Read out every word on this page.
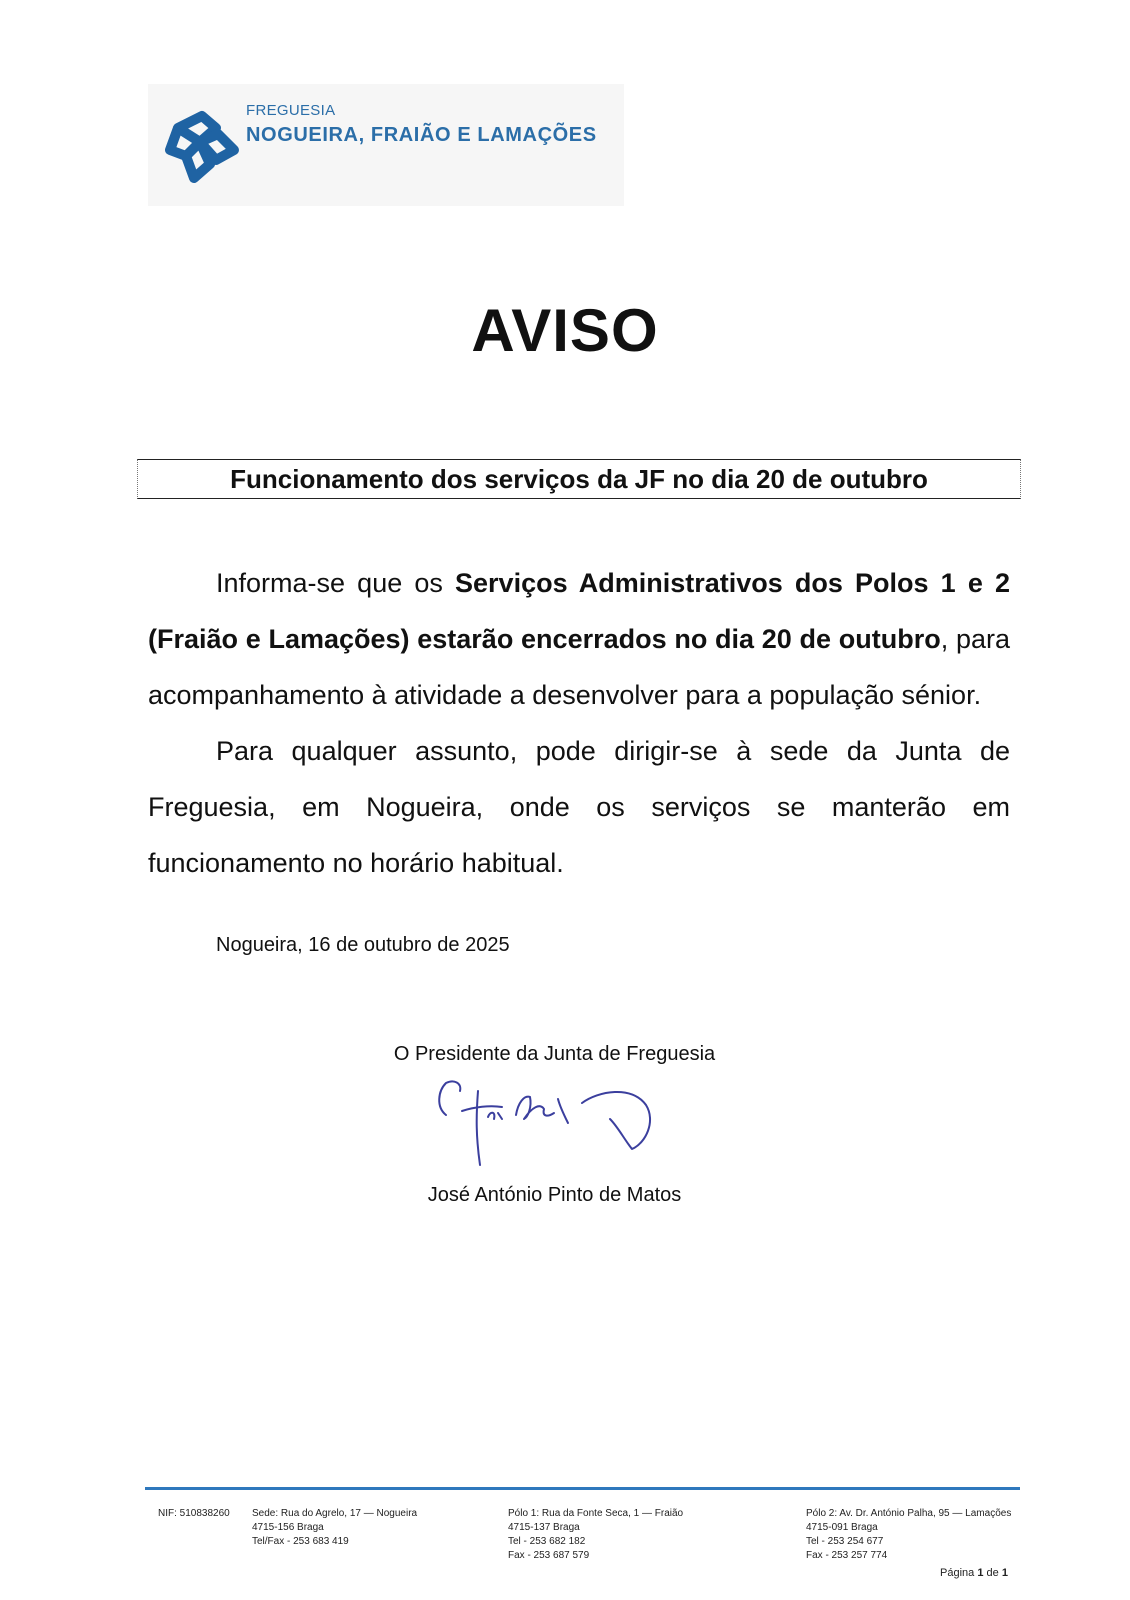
FREGUESIA
NOGUEIRA, FRAIÃO E LAMAÇÕES
AVISO
Funcionamento dos serviços da JF no dia 20 de outubro

Informa-se que os Serviços Administrativos dos Polos 1 e 2 (Fraião e Lamações) estarão encerrados no dia 20 de outubro, para acompanhamento à atividade a desenvolver para a população sénior.

Para qualquer assunto, pode dirigir-se à sede da Junta de Freguesia, em Nogueira, onde os serviços se manterão em funcionamento no horário habitual.

Nogueira, 16 de outubro de 2025
O Presidente da Junta de Freguesia
José António Pinto de Matos
NIF: 510838260 Sede: Rua do Agrelo, 17 — Nogueira
4715-156 Braga
Tel/Fax - 253 683 419
Pólo 1: Rua da Fonte Seca, 1 — Fraião
4715-137 Braga
Tel - 253 682 182
Fax - 253 687 579
Pólo 2: Av. Dr. António Palha, 95 — Lamações
4715-091 Braga
Tel - 253 254 677
Fax - 253 257 774
Página 1 de 1
